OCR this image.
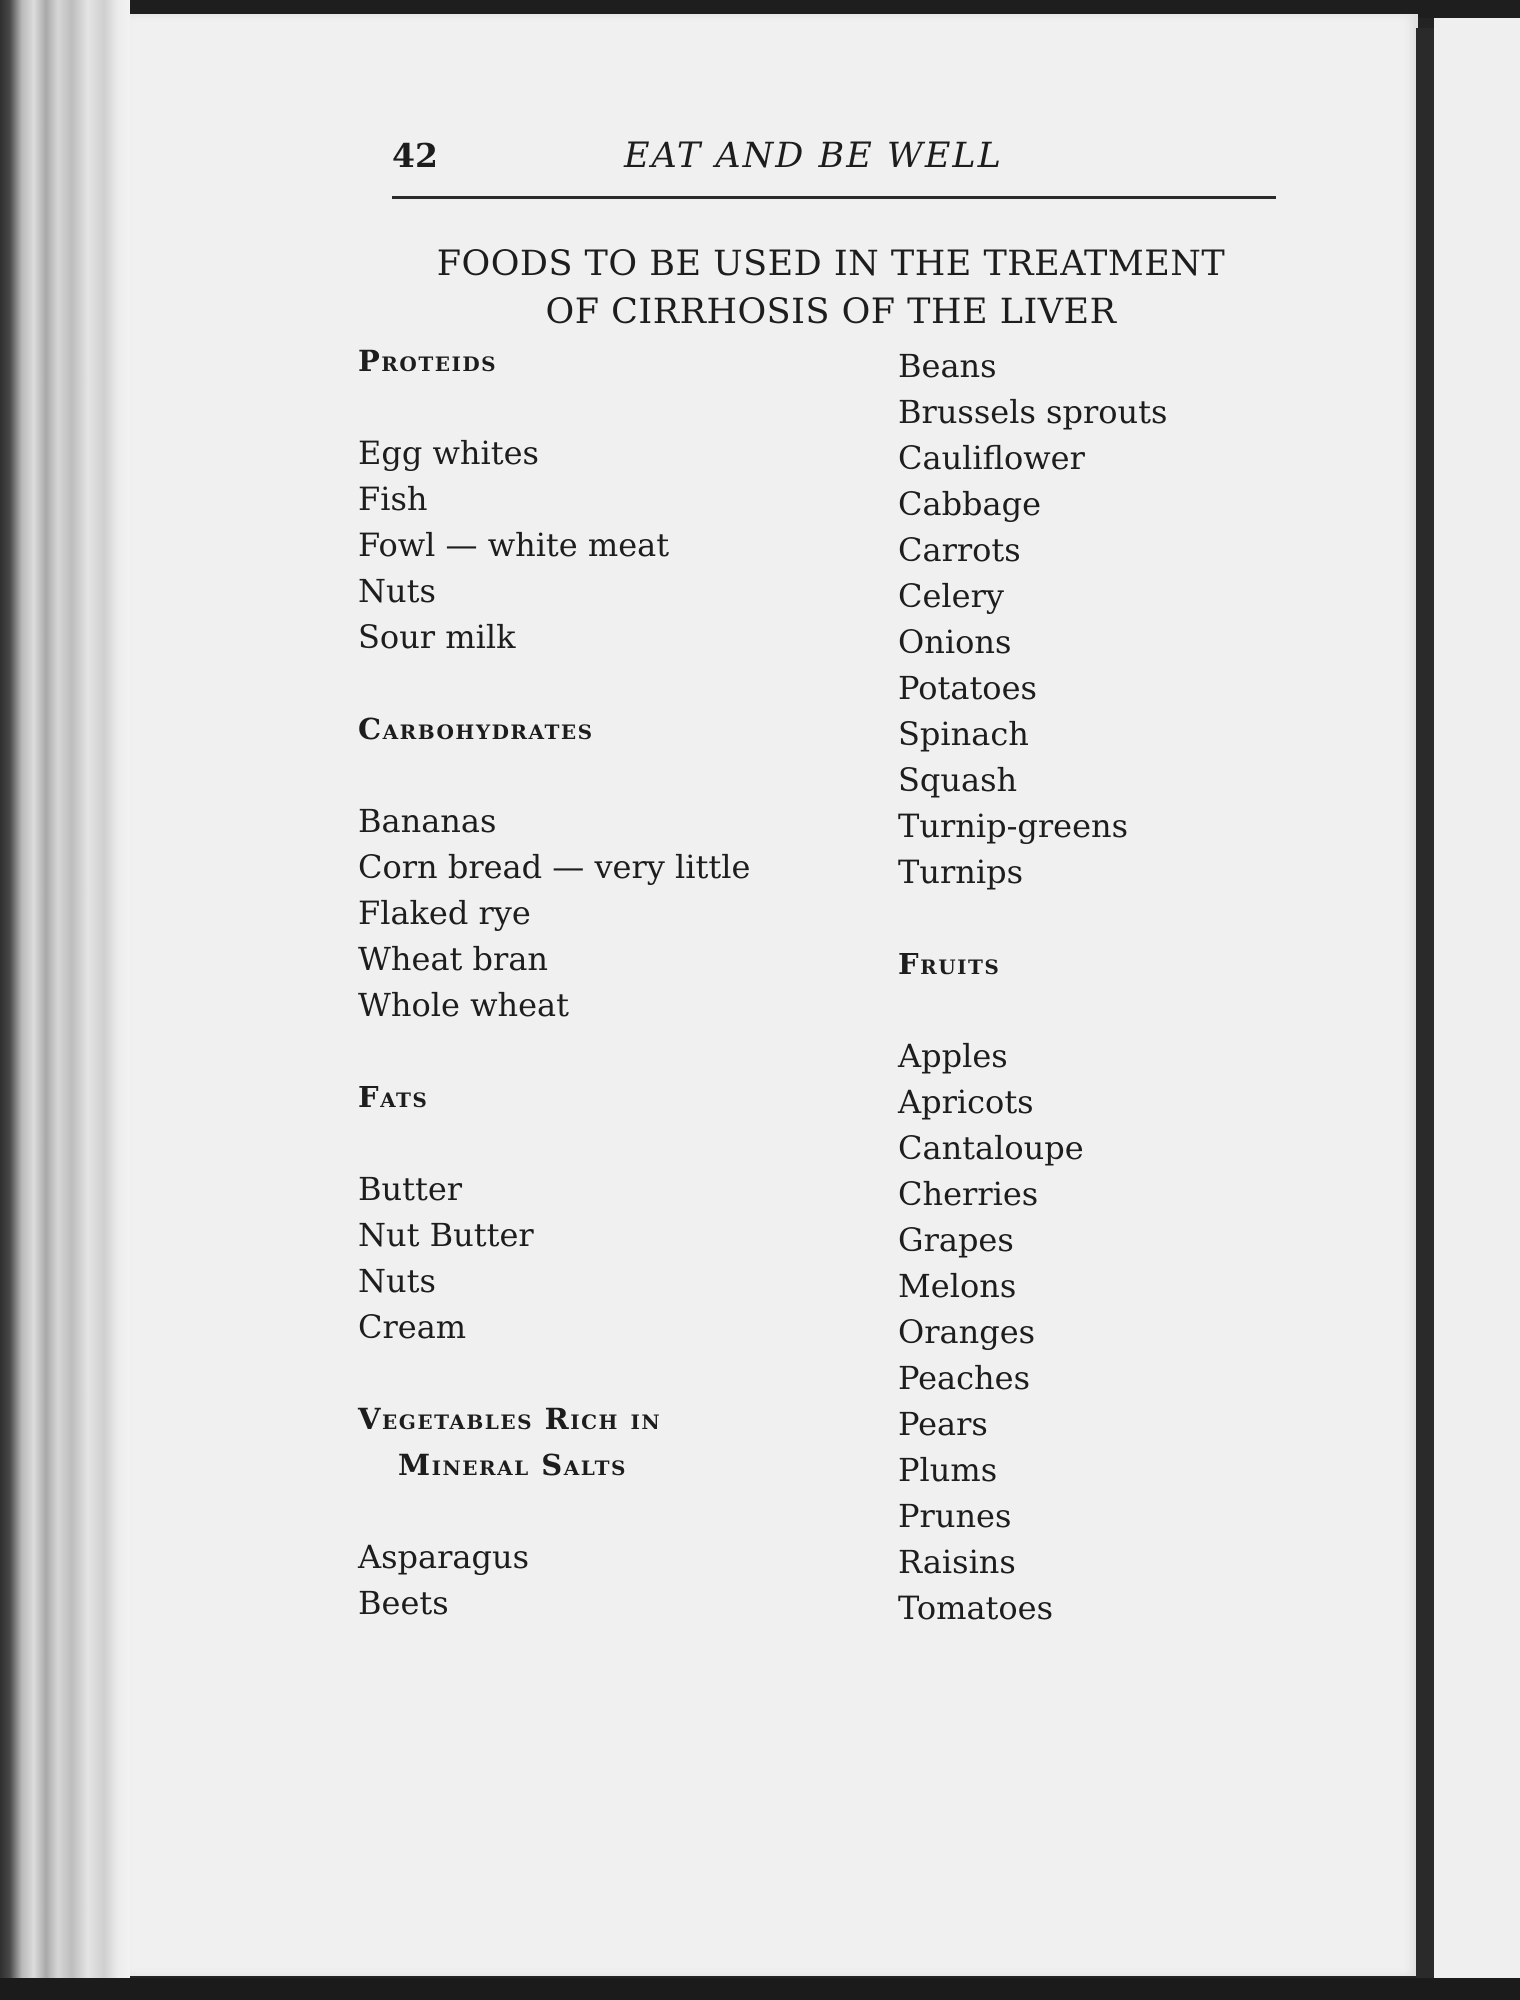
42	EAT AND BE WELL
FOODS TO BE USED IN THE TREATMENT
OF CIRRHOSIS OF THE LIVER
Proteids
Egg whites
Fish
Fowl — white meat
Nuts
Sour milk
Carbohydrates
Bananas
Corn bread — very little
Flaked rye
Wheat bran
Whole wheat
Fats
Butter
Nut Butter
Nuts
Cream
Vegetables Rich in
Mineral Salts
Asparagus
Beets
Beans
Brussels sprouts
Cauliflower
Cabbage
Carrots
Celery
Onions
Potatoes
Spinach
Squash
Turnip-greens
Turnips
Fruits
Apples
Apricots
Cantaloupe
Cherries
Grapes
Melons
Oranges
Peaches
Pears
Plums
Prunes
Raisins
Tomatoes
